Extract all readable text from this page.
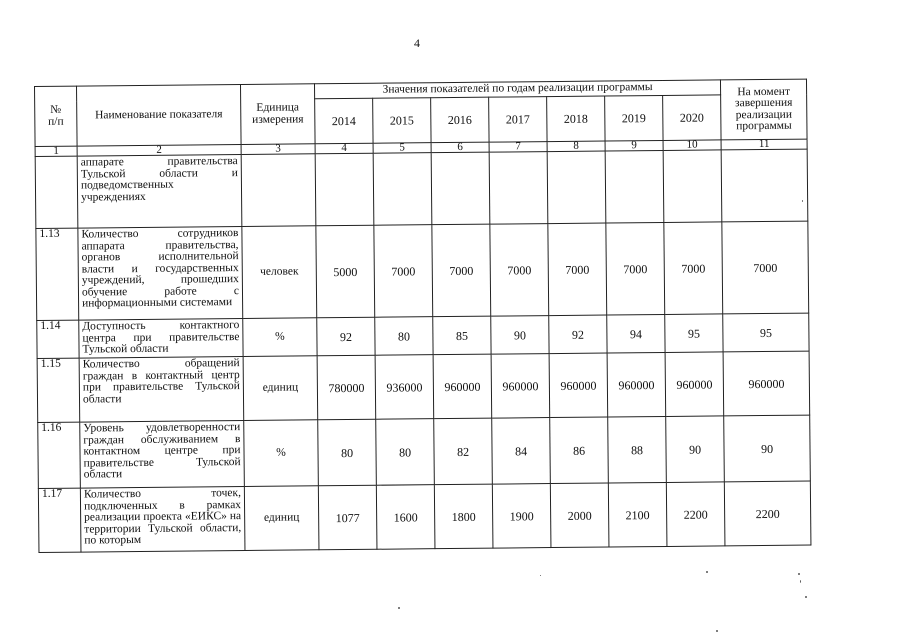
4
№
п/п	Наименование показателя	Единица измерения	Значения показателей по годам реализации программы							На момент завершения реализации программы
			2014	2015	2016	2017	2018	2019	2020	
1	2	3	4	5	6	7	8	9	10	11
	аппарате правительства Тульской области и подведомственных учреждениях									
1.13	Количество сотрудников аппарата правительства, органов исполнительной власти и государственных учреждений, прошедших обучение работе с информационными системами	человек	5000	7000	7000	7000	7000	7000	7000	7000
1.14	Доступность контактного центра при правительстве Тульской области	%	92	80	85	90	92	94	95	95
1.15	Количество обращений граждан в контактный центр при правительстве Тульской области	единиц	780000	936000	960000	960000	960000	960000	960000	960000
1.16	Уровень удовлетворенности граждан обслуживанием в контактном центре при правительстве Тульской области	%	80	80	82	84	86	88	90	90
1.17	Количество точек, подключенных в рамках реализации проекта «ЕИКС» на территории Тульской области, по которым	единиц	1077	1600	1800	1900	2000	2100	2200	2200
